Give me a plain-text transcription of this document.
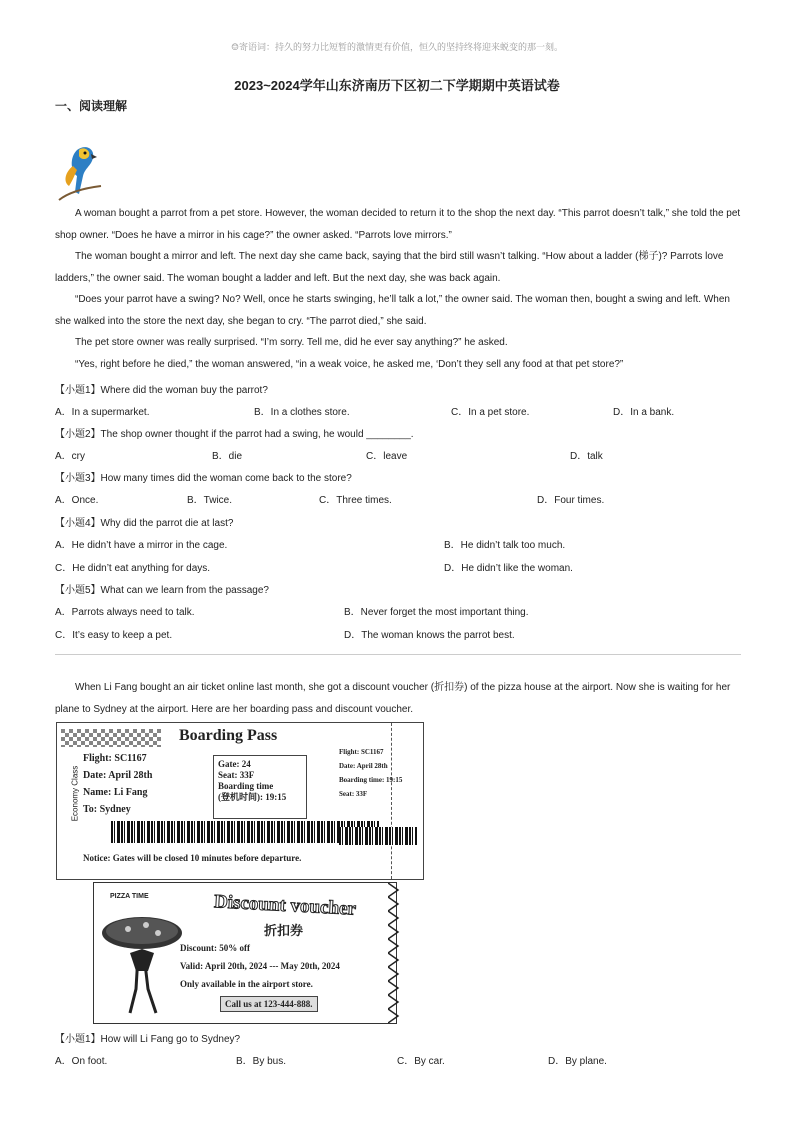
☺寄语词：持久的努力比短暂的激情更有价值，恒久的坚持终将迎来蜕变的那一刻。
2023~2024学年山东济南历下区初二下学期期中英语试卷
一、阅读理解
A woman bought a parrot from a pet store. However, the woman decided to return it to the shop the next day. “This parrot doesn’t talk,” she told the pet shop owner. “Does he have a mirror in his cage?” the owner asked. “Parrots love mirrors.”
The woman bought a mirror and left. The next day she came back, saying that the bird still wasn’t talking. “How about a ladder (梯子)? Parrots love ladders,” the owner said. The woman bought a ladder and left. But the next day, she was back again.
“Does your parrot have a swing? No? Well, once he starts swinging, he’ll talk a lot,” the owner said. The woman then, bought a swing and left. When she walked into the store the next day, she began to cry. “The parrot died,” she said.
The pet store owner was really surprised. “I’m sorry. Tell me, did he ever say anything?” he asked.
“Yes, right before he died,” the woman answered, “in a weak voice, he asked me, ‘Don’t they sell any food at that pet store?”
【小题1】Where did the woman buy the parrot?
A．In a supermarket.	B．In a clothes store.	C．In a pet store.	D．In a bank.
【小题2】The shop owner thought if the parrot had a swing, he would ________.
A．cry	B．die	C．leave	D．talk
【小题3】How many times did the woman come back to the store?
A．Once.	B．Twice.	C．Three times.	D．Four times.
【小题4】Why did the parrot die at last?
A．He didn’t have a mirror in the cage.	B．He didn’t talk too much.
C．He didn’t eat anything for days.	D．He didn’t like the woman.
【小题5】What can we learn from the passage?
A．Parrots always need to talk.	B．Never forget the most important thing.
C．It’s easy to keep a pet.	D．The woman knows the parrot best.
When Li Fang bought an air ticket online last month, she got a discount voucher (折扣券) of the pizza house at the airport. Now she is waiting for her plane to Sydney at the airport. Here are her boarding pass and discount voucher.
Boarding Pass
Economy Class
Flight: SC1167
Date: April 28th
Name: Li Fang
To: Sydney
Gate: 24
Seat: 33F
Boarding time
(登机时间): 19:15
Notice: Gates will be closed 10 minutes before departure.
Flight: SC1167
Date: April 28th
Boarding time: 19:15
Seat: 33F
PIZZA TIME	Discount voucher
折扣券
Discount: 50% off
Valid: April 20th, 2024 --- May 20th, 2024
Only available in the airport store.
Call us at 123-444-888.
【小题1】How will Li Fang go to Sydney?
A．On foot.	B．By bus.	C．By car.	D．By plane.
